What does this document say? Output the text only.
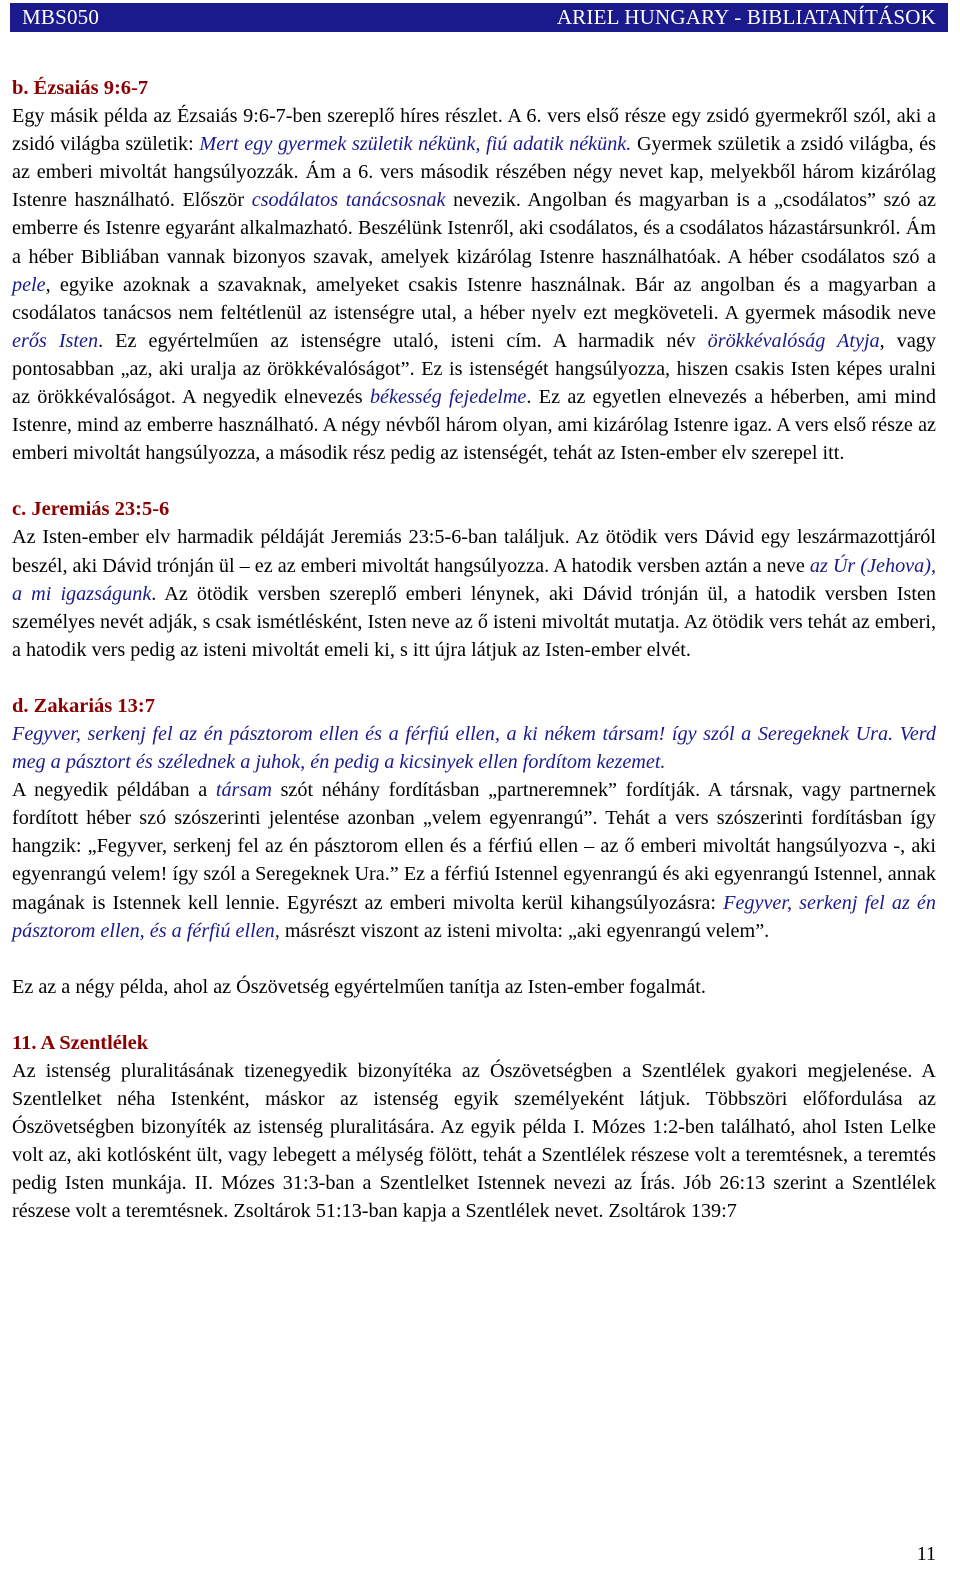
MBS050	ARIEL HUNGARY - BIBLIATANÍTÁSOK
b. Ézsaiás 9:6-7

Egy másik példa az Ézsaiás 9:6-7-ben szereplő híres részlet. A 6. vers első része egy zsidó gyermekről szól, aki a zsidó világba születik: Mert egy gyermek születik nékünk, fiú adatik nékünk. Gyermek születik a zsidó világba, és az emberi mivoltát hangsúlyozzák. Ám a 6. vers második részében négy nevet kap, melyekből három kizárólag Istenre használható. Először csodálatos tanácsosnak nevezik. Angolban és magyarban is a „csodálatos” szó az emberre és Istenre egyaránt alkalmazható. Beszélünk Istenről, aki csodálatos, és a csodálatos házastársunkról. Ám a héber Bibliában vannak bizonyos szavak, amelyek kizárólag Istenre használhatóak. A héber csodálatos szó a pele, egyike azoknak a szavaknak, amelyeket csakis Istenre használnak. Bár az angolban és a magyarban a csodálatos tanácsos nem feltétlenül az istenségre utal, a héber nyelv ezt megköveteli. A gyermek második neve erős Isten. Ez egyértelműen az istenségre utaló, isteni cím. A harmadik név örökkévalóság Atyja, vagy pontosabban „az, aki uralja az örökkévalóságot”. Ez is istenségét hangsúlyozza, hiszen csakis Isten képes uralni az örökkévalóságot. A negyedik elnevezés békesség fejedelme. Ez az egyetlen elnevezés a héberben, ami mind Istenre, mind az emberre használható. A négy névből három olyan, ami kizárólag Istenre igaz. A vers első része az emberi mivoltát hangsúlyozza, a második rész pedig az istenségét, tehát az Isten-ember elv szerepel itt.

c. Jeremiás 23:5-6

Az Isten-ember elv harmadik példáját Jeremiás 23:5-6-ban találjuk. Az ötödik vers Dávid egy leszármazottjáról beszél, aki Dávid trónján ül – ez az emberi mivoltát hangsúlyozza. A hatodik versben aztán a neve az Úr (Jehova), a mi igazságunk. Az ötödik versben szereplő emberi lénynek, aki Dávid trónján ül, a hatodik versben Isten személyes nevét adják, s csak ismétlésként, Isten neve az ő isteni mivoltát mutatja. Az ötödik vers tehát az emberi, a hatodik vers pedig az isteni mivoltát emeli ki, s itt újra látjuk az Isten-ember elvét.

d. Zakariás 13:7

Fegyver, serkenj fel az én pásztorom ellen és a férfiú ellen, a ki nékem társam! így szól a Seregeknek Ura. Verd meg a pásztort és szélednek a juhok, én pedig a kicsinyek ellen fordítom kezemet.

A negyedik példában a társam szót néhány fordításban „partneremnek” fordítják. A társnak, vagy partnernek fordított héber szó szószerinti jelentése azonban „velem egyenrangú”. Tehát a vers szószerinti fordításban így hangzik: „Fegyver, serkenj fel az én pásztorom ellen és a férfiú ellen – az ő emberi mivoltát hangsúlyozva -, aki egyenrangú velem! így szól a Seregeknek Ura.” Ez a férfiú Istennel egyenrangú és aki egyenrangú Istennel, annak magának is Istennek kell lennie. Egyrészt az emberi mivolta kerül kihangsúlyozásra: Fegyver, serkenj fel az én pásztorom ellen, és a férfiú ellen, másrészt viszont az isteni mivolta: „aki egyenrangú velem”.

Ez az a négy példa, ahol az Ószövetség egyértelműen tanítja az Isten-ember fogalmát.

11. A Szentlélek

Az istenség pluralitásának tizenegyedik bizonyítéka az Ószövetségben a Szentlélek gyakori megjelenése. A Szentlelket néha Istenként, máskor az istenség egyik személyeként látjuk. Többszöri előfordulása az Ószövetségben bizonyíték az istenség pluralitására. Az egyik példa I. Mózes 1:2-ben található, ahol Isten Lelke volt az, aki kotlósként ült, vagy lebegett a mélység fölött, tehát a Szentlélek részese volt a teremtésnek, a teremtés pedig Isten munkája. II. Mózes 31:3-ban a Szentlelket Istennek nevezi az Írás. Jób 26:13 szerint a Szentlélek részese volt a teremtésnek. Zsoltárok 51:13-ban kapja a Szentlélek nevet. Zsoltárok 139:7

11
